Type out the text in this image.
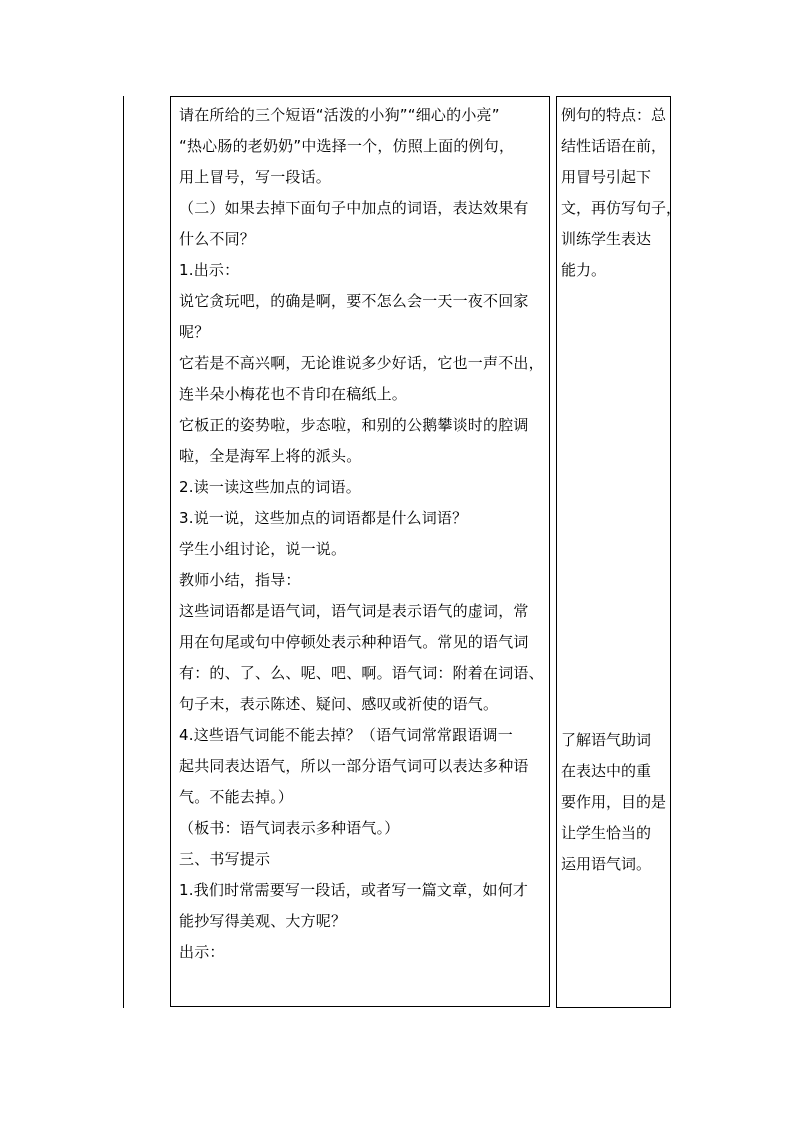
请在所给的三个短语“活泼的小狗”“细心的小亮”
“热心肠的老奶奶”中选择一个，仿照上面的例句，
用上冒号，写一段话。
（二）如果去掉下面句子中加点的词语，表达效果有
什么不同？
1.出示：
说它贪玩吧，的确是啊，要不怎么会一天一夜不回家
呢？
它若是不高兴啊，无论谁说多少好话，它也一声不出，
连半朵小梅花也不肯印在稿纸上。
它板正的姿势啦，步态啦，和别的公鹅攀谈时的腔调
啦，全是海军上将的派头。
2.读一读这些加点的词语。
3.说一说，这些加点的词语都是什么词语？
学生小组讨论，说一说。
教师小结，指导：
这些词语都是语气词，语气词是表示语气的虚词，常
用在句尾或句中停顿处表示种种语气。常见的语气词
有：的、了、么、呢、吧、啊。语气词：附着在词语、
句子末，表示陈述、疑问、感叹或祈使的语气。
4.这些语气词能不能去掉？（语气词常常跟语调一
起共同表达语气，所以一部分语气词可以表达多种语
气。不能去掉。）
（板书：语气词表示多种语气。）
三、书写提示
1.我们时常需要写一段话，或者写一篇文章，如何才
能抄写得美观、大方呢？
出示：
例句的特点：总
结性话语在前，
用冒号引起下
文，再仿写句子，
训练学生表达
能力。
了解语气助词
在表达中的重
要作用，目的是
让学生恰当的
运用语气词。
